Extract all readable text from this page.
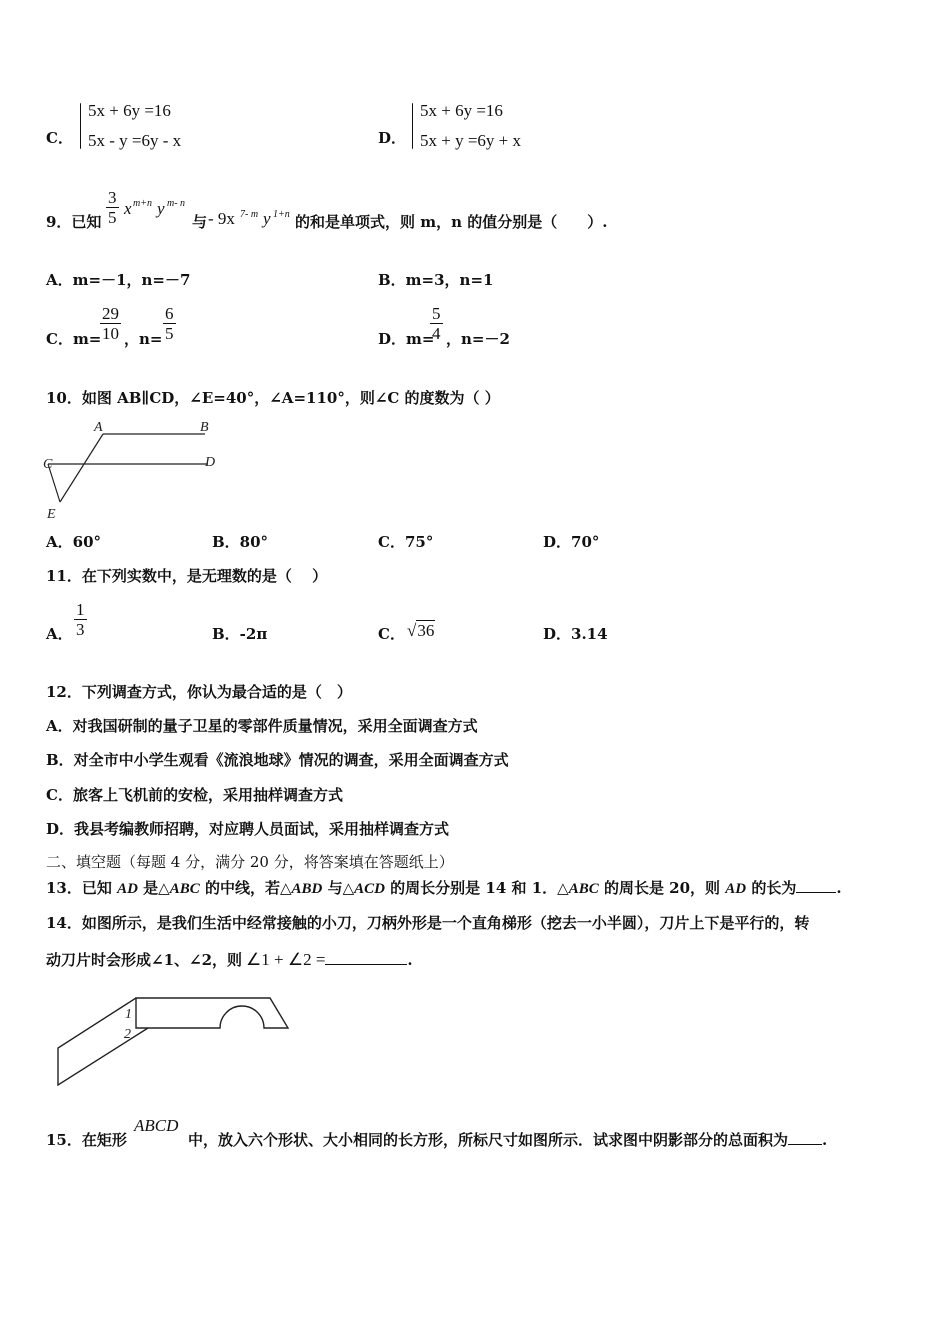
C．
5x + 6y =16
5x - y =6y - x	D．
5x + 6y =16
5x + y =6y + x
9．已知 $\frac{3}{5}$ x m+n y m- n
与 - 9x 7- m y 1+n 的和是单项式，则 m，n 的值分别是（　　）.
A．m=－1，n=－7	B．m=3，n=1
C．m=
$\frac{29}{10}$ ，$n= \frac{6}{5}$	D．m=
$\frac{5}{4}$ ，n=－2
10．如图 AB∥CD，∠E=40°，∠A=110°，则∠C 的度数为（ ）
A	B
C	D
E
A．60°	B．80°	C．75°	D．70°
11．在下列实数中，是无理数的是（　 ）
A． $\frac{1}{3}$	B．-2π	C． √36	D．3.14
12．下列调查方式，你认为最合适的是（　）
A．对我国研制的量子卫星的零部件质量情况，采用全面调查方式
B．对全市中小学生观看《流浪地球》情况的调查，采用全面调查方式
C．旅客上飞机前的安检，采用抽样调查方式
D．我县考编教师招聘，对应聘人员面试，采用抽样调查方式
二、填空题（每题 4 分，满分 20 分，将答案填在答题纸上）
13．已知 AD 是△ABC 的中线，若△ABD 与△ACD 的周长分别是 14 和 1．△ABC 的周长是 20，则 AD 的长为	.
14．如图所示，是我们生活中经常接触的小刀，刀柄外形是一个直角梯形（挖去一小半圆），刀片上下是平行的，转
动刀片时会形成∠1、∠2，则 ∠1 + ∠2 =	.
1
2
15．在矩形
ABCD
中，放入六个形状、大小相同的长方形，所标尺寸如图所示．试求图中阴影部分的总面积为 .
